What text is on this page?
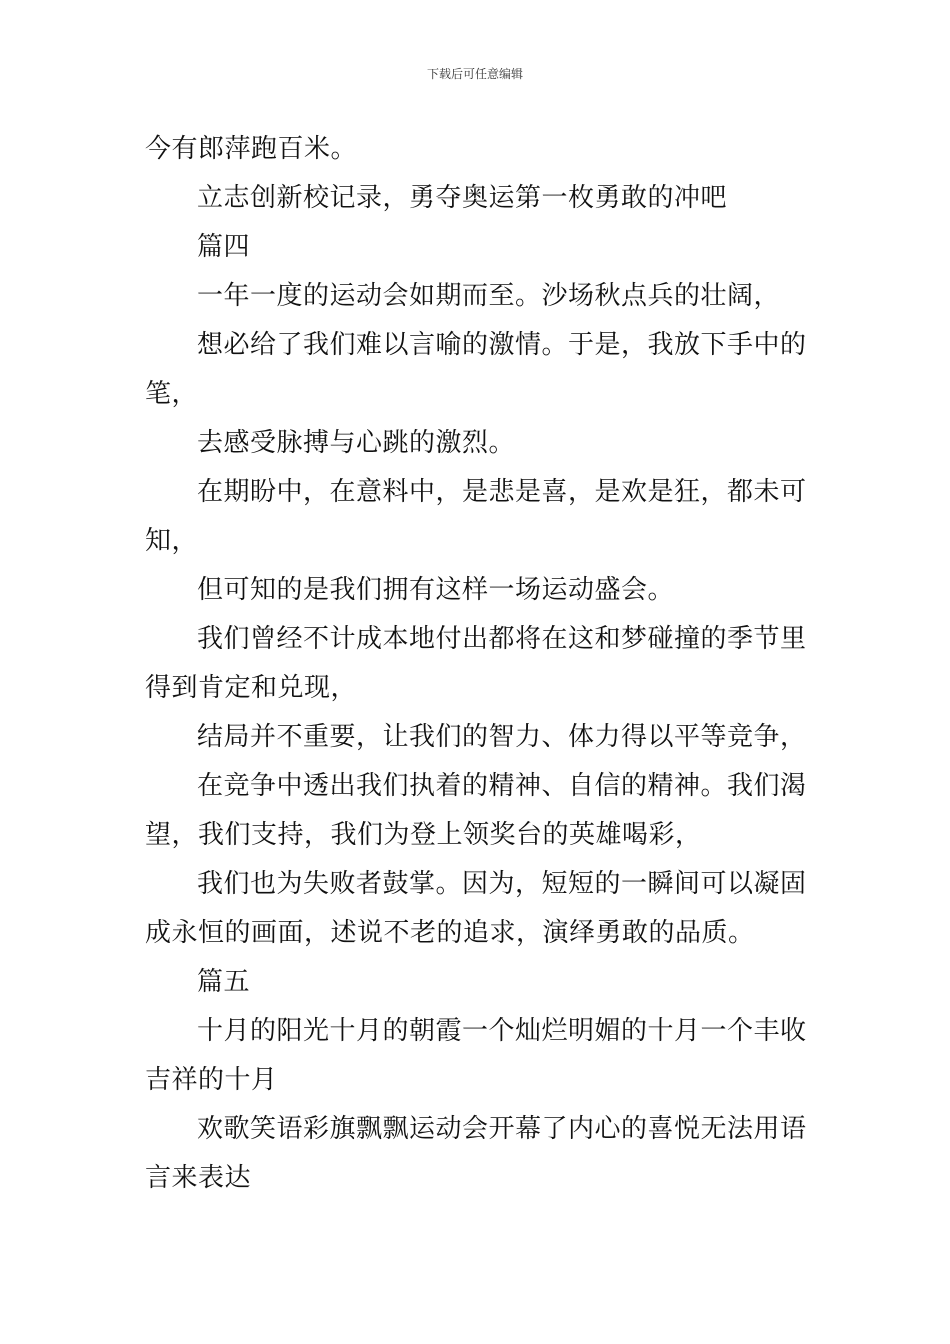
下载后可任意编辑

今有郎萍跑百米。

立志创新校记录，勇夺奥运第一枚勇敢的冲吧

篇四

一年一度的运动会如期而至。沙场秋点兵的壮阔，

想必给了我们难以言喻的激情。于是，我放下手中的

笔，

去感受脉搏与心跳的激烈。

在期盼中，在意料中，是悲是喜，是欢是狂，都未可

知，

但可知的是我们拥有这样一场运动盛会。

我们曾经不计成本地付出都将在这和梦碰撞的季节里

得到肯定和兑现，

结局并不重要，让我们的智力、体力得以平等竞争，

在竞争中透出我们执着的精神、自信的精神。我们渴

望，我们支持，我们为登上领奖台的英雄喝彩，

我们也为失败者鼓掌。因为，短短的一瞬间可以凝固

成永恒的画面，述说不老的追求，演绎勇敢的品质。

篇五

十月的阳光十月的朝霞一个灿烂明媚的十月一个丰收

吉祥的十月

欢歌笑语彩旗飘飘运动会开幕了内心的喜悦无法用语

言来表达
